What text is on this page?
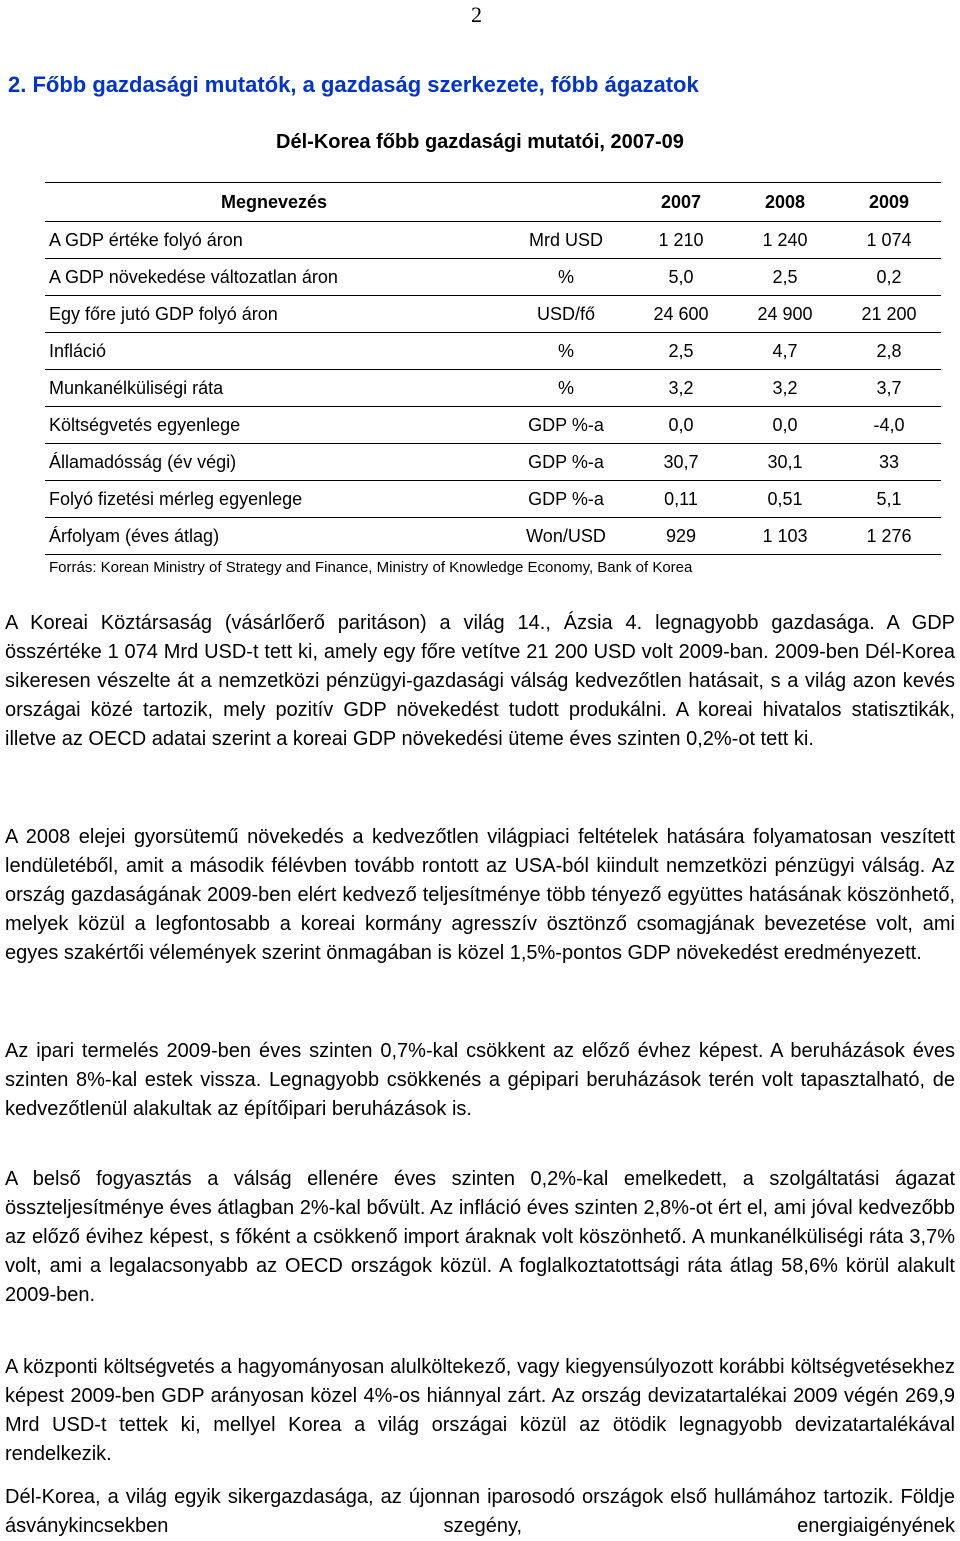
2
2. Főbb gazdasági mutatók, a gazdaság szerkezete, főbb ágazatok
Dél-Korea főbb gazdasági mutatói, 2007-09
Megnevezés		2007	2008	2009
A GDP értéke folyó áron	Mrd USD	1 210	1 240	1 074
A GDP növekedése változatlan áron	%	5,0	2,5	0,2
Egy főre jutó GDP folyó áron	USD/fő	24 600	24 900	21 200
Infláció	%	2,5	4,7	2,8
Munkanélküliségi ráta	%	3,2	3,2	3,7
Költségvetés egyenlege	GDP %-a	0,0	0,0	-4,0
Államadósság (év végi)	GDP %-a	30,7	30,1	33
Folyó fizetési mérleg egyenlege	GDP %-a	0,11	0,51	5,1
Árfolyam (éves átlag)	Won/USD	929	1 103	1 276
Forrás: Korean Ministry of Strategy and Finance, Ministry of Knowledge Economy, Bank of Korea

A Koreai Köztársaság (vásárlőerő paritáson) a világ 14., Ázsia 4. legnagyobb gazdasága. A GDP összértéke 1 074 Mrd USD-t tett ki, amely egy főre vetítve 21 200 USD volt 2009-ban. 2009-ben Dél-Korea sikeresen vészelte át a nemzetközi pénzügyi-gazdasági válság kedvezőtlen hatásait, s a világ azon kevés országai közé tartozik, mely pozitív GDP növekedést tudott produkálni. A koreai hivatalos statisztikák, illetve az OECD adatai szerint a koreai GDP növekedési üteme éves szinten 0,2%-ot tett ki.

A 2008 elejei gyorsütemű növekedés a kedvezőtlen világpiaci feltételek hatására folyamatosan veszített lendületéből, amit a második félévben tovább rontott az USA-ból kiindult nemzetközi pénzügyi válság. Az ország gazdaságának 2009-ben elért kedvező teljesítménye több tényező együttes hatásának köszönhető, melyek közül a legfontosabb a koreai kormány agresszív ösztönző csomagjának bevezetése volt, ami egyes szakértői vélemények szerint önmagában is közel 1,5%-pontos GDP növekedést eredményezett.

Az ipari termelés 2009-ben éves szinten 0,7%-kal csökkent az előző évhez képest. A beruházások éves szinten 8%-kal estek vissza. Legnagyobb csökkenés a gépipari beruházások terén volt tapasztalható, de kedvezőtlenül alakultak az építőipari beruházások is.

A belső fogyasztás a válság ellenére éves szinten 0,2%-kal emelkedett, a szolgáltatási ágazat összteljesítménye éves átlagban 2%-kal bővült. Az infláció éves szinten 2,8%-ot ért el, ami jóval kedvezőbb az előző évihez képest, s főként a csökkenő import áraknak volt köszönhető. A munkanélküliségi ráta 3,7% volt, ami a legalacsonyabb az OECD országok közül. A foglalkoztatottsági ráta átlag 58,6% körül alakult 2009-ben.

A központi költségvetés a hagyományosan alulköltekező, vagy kiegyensúlyozott korábbi költségvetésekhez képest 2009-ben GDP arányosan közel 4%-os hiánnyal zárt. Az ország devizatartalékai 2009 végén 269,9 Mrd USD-t tettek ki, mellyel Korea a világ országai közül az ötödik legnagyobb devizatartalékával rendelkezik.

Dél-Korea, a világ egyik sikergazdasága, az újonnan iparosodó országok első hullámához tartozik. Földje ásványkincsekben szegény, energiaigényének
